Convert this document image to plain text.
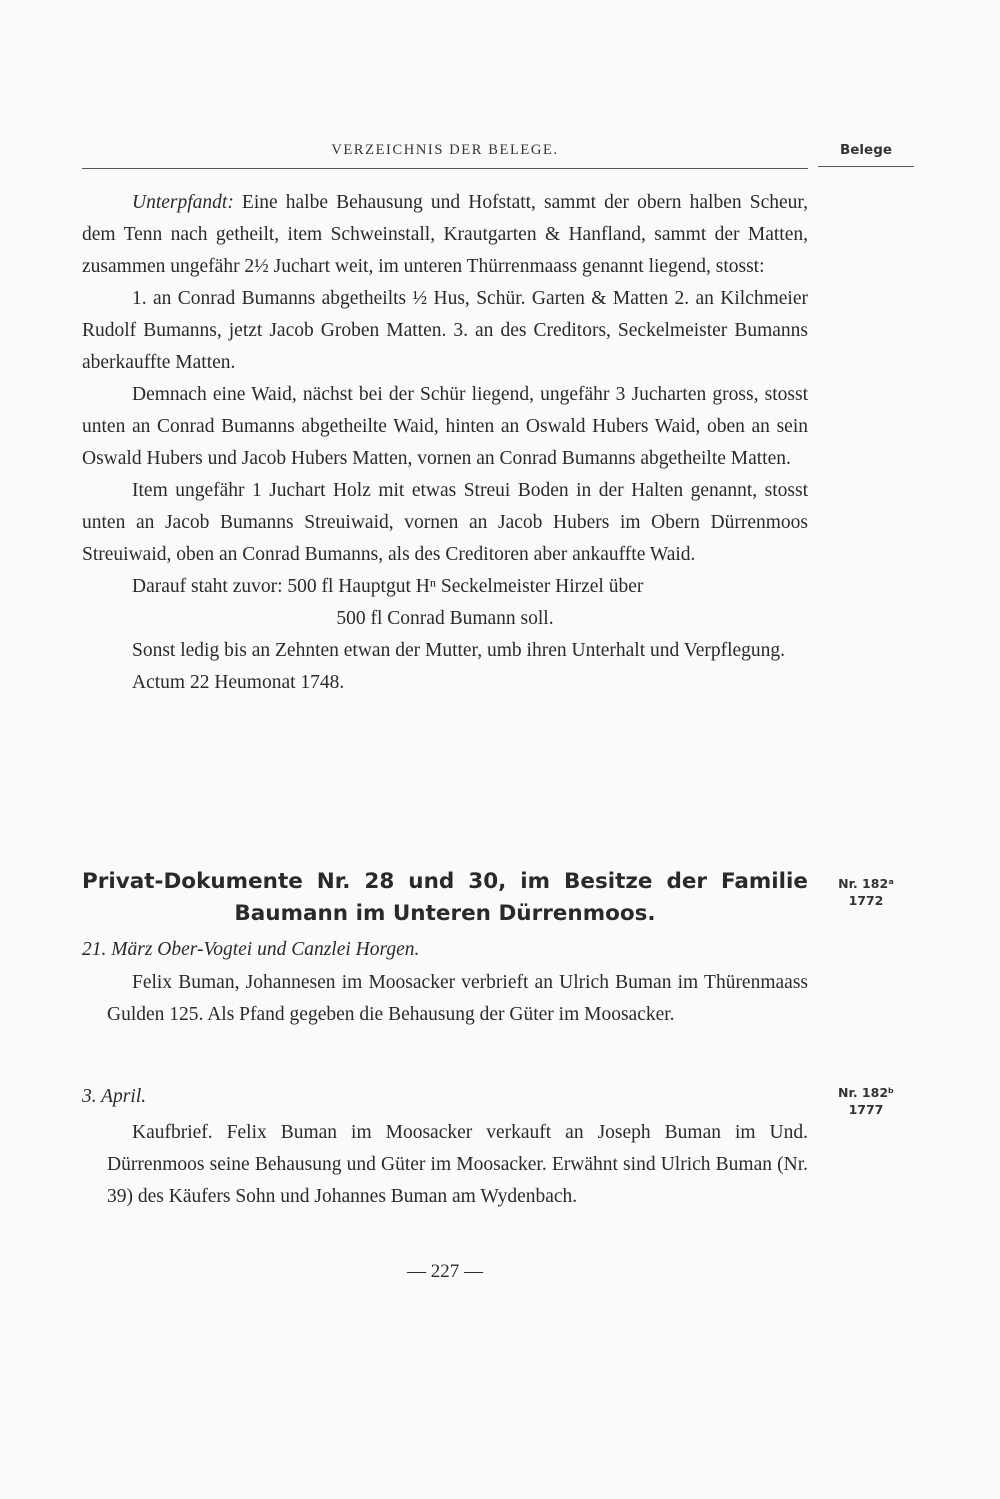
VERZEICHNIS DER BELEGE.	Belege

Unterpfandt: Eine halbe Behausung und Hofstatt, sammt der obern halben Scheur, dem Tenn nach getheilt, item Schweinstall, Krautgarten & Hanfland, sammt der Matten, zusammen ungefähr 2½ Juchart weit, im unteren Thürrenmaass genannt liegend, stosst:

1. an Conrad Bumanns abgetheilts ½ Hus, Schür. Garten & Matten 2. an Kilchmeier Rudolf Bumanns, jetzt Jacob Groben Matten. 3. an des Creditors, Seckelmeister Bumanns aberkauffte Matten.

Demnach eine Waid, nächst bei der Schür liegend, ungefähr 3 Jucharten gross, stosst unten an Conrad Bumanns abgetheilte Waid, hinten an Oswald Hubers Waid, oben an sein Oswald Hubers und Jacob Hubers Matten, vornen an Conrad Bumanns abgetheilte Matten.

Item ungefähr 1 Juchart Holz mit etwas Streui Boden in der Halten genannt, stosst unten an Jacob Bumanns Streuiwaid, vornen an Jacob Hubers im Obern Dürrenmoos Streuiwaid, oben an Conrad Bumanns, als des Creditoren aber ankauffte Waid.

Darauf staht zuvor: 500 fl Hauptgut Hⁿ Seckelmeister Hirzel über

500 fl Conrad Bumann soll.

Sonst ledig bis an Zehnten etwan der Mutter, umb ihren Unterhalt und Verpflegung.

Actum 22 Heumonat 1748.

Privat-Dokumente Nr. 28 und 30, im Besitze der Familie
Baumann im Unteren Dürrenmoos.
Nr. 182ᵃ
1772
21. März Ober-Vogtei und Canzlei Horgen.

Felix Buman, Johannesen im Moosacker verbrieft an Ulrich Buman im Thürenmaass Gulden 125. Als Pfand gegeben die Behausung der Güter im Moosacker.

Nr. 182ᵇ
1777
3. April.

Kaufbrief. Felix Buman im Moosacker verkauft an Joseph Buman im Und. Dürrenmoos seine Behausung und Güter im Moosacker. Erwähnt sind Ulrich Buman (Nr. 39) des Käufers Sohn und Johannes Buman am Wydenbach.

— 227 —
